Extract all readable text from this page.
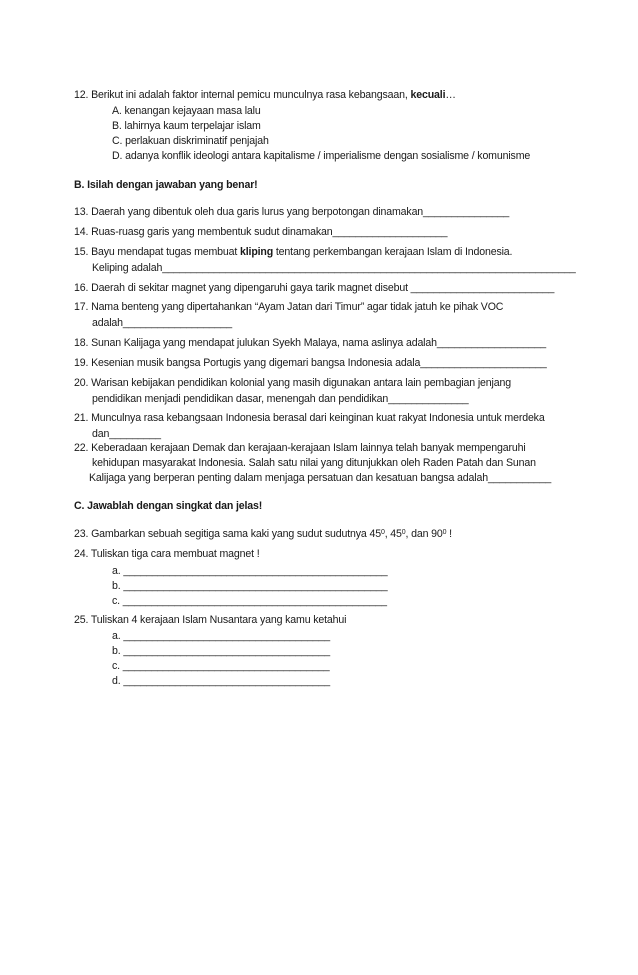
12. Berikut ini adalah faktor internal pemicu munculnya rasa kebangsaan, kecuali…
A. kenangan kejayaan masa lalu
B. lahirnya kaum terpelajar islam
C. perlakuan diskriminatif penjajah
D. adanya konflik ideologi antara kapitalisme / imperialisme dengan sosialisme / komunisme
B. Isilah dengan jawaban yang benar!
13. Daerah yang dibentuk oleh dua garis lurus yang berpotongan dinamakan_______________
14. Ruas-ruasg garis yang membentuk sudut dinamakan____________________
15. Bayu mendapat tugas membuat kliping tentang perkembangan kerajaan Islam di Indonesia.
Keliping adalah________________________________________________________________________
16. Daerah di sekitar magnet yang dipengaruhi gaya tarik magnet disebut _________________________
17. Nama benteng yang dipertahankan “Ayam Jatan dari Timur” agar tidak jatuh ke pihak VOC
adalah___________________
18. Sunan Kalijaga yang mendapat julukan Syekh Malaya, nama aslinya adalah___________________
19. Kesenian musik bangsa Portugis yang digemari bangsa Indonesia adala______________________
20. Warisan kebijakan pendidikan kolonial yang masih digunakan antara lain pembagian jenjang
pendidikan menjadi pendidikan dasar, menengah dan pendidikan______________
21. Munculnya rasa kebangsaan Indonesia berasal dari keinginan kuat rakyat Indonesia untuk merdeka
dan_________
22. Keberadaan kerajaan Demak dan kerajaan-kerajaan Islam lainnya telah banyak mempengaruhi
kehidupan masyarakat Indonesia. Salah satu nilai yang ditunjukkan oleh Raden Patah dan Sunan
Kalijaga yang berperan penting dalam menjaga persatuan dan kesatuan bangsa adalah___________
C. Jawablah dengan singkat dan jelas!
23. Gambarkan sebuah segitiga sama kaki yang sudut sudutnya $45^0$, $45^0$, dan $90^0$ !
24. Tuliskan tiga cara membuat magnet !
a. ______________________________________________
b. ______________________________________________
c. ______________________________________________
25. Tuliskan 4 kerajaan Islam Nusantara yang kamu ketahui
a. ____________________________________
b. ____________________________________
c. ____________________________________
d. ____________________________________
